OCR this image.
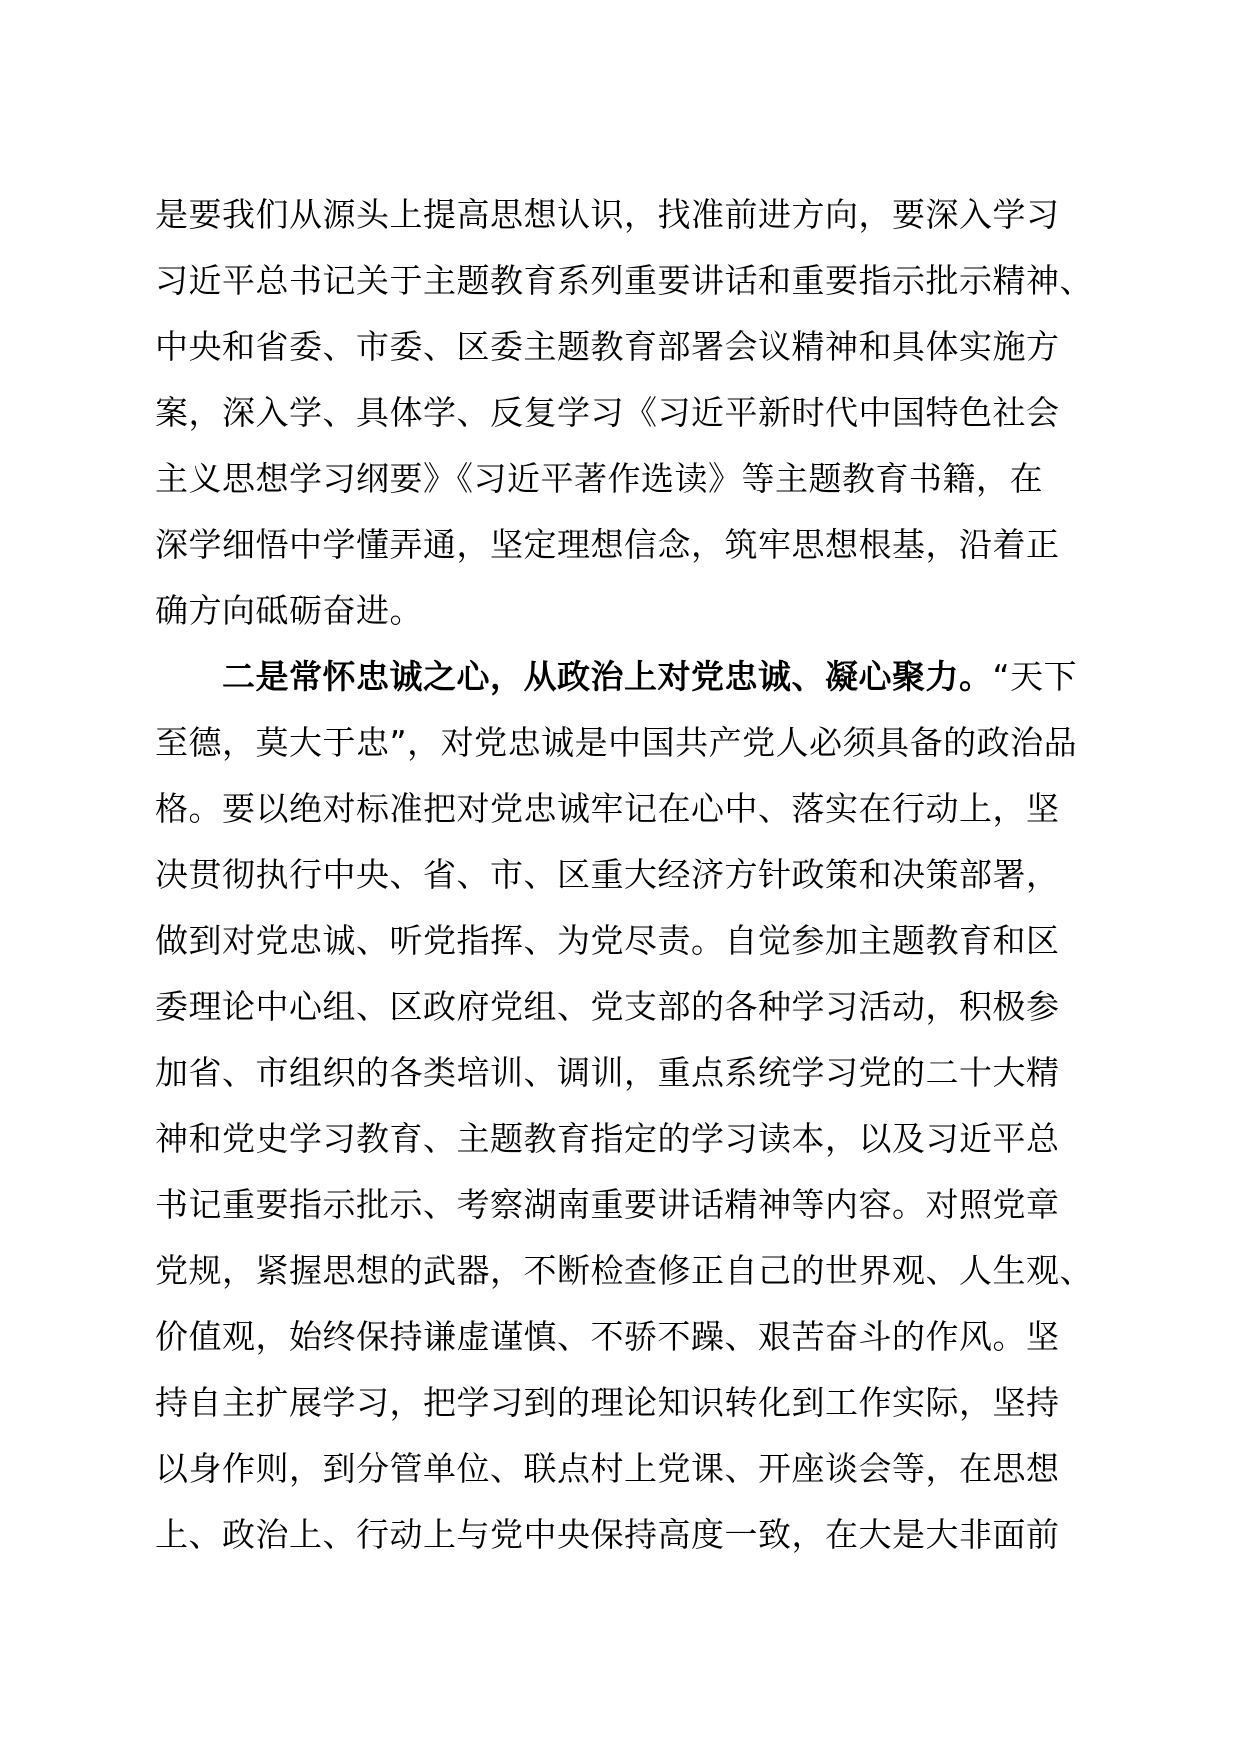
是要我们从源头上提高思想认识，找准前进方向，要深入学习
习近平总书记关于主题教育系列重要讲话和重要指示批示精神、
中央和省委、市委、区委主题教育部署会议精神和具体实施方
案，深入学、具体学、反复学习《习近平新时代中国特色社会
主义思想学习纲要》《习近平著作选读》等主题教育书籍，在
深学细悟中学懂弄通，坚定理想信念，筑牢思想根基，沿着正
确方向砥砺奋进。
二是常怀忠诚之心，从政治上对党忠诚、凝心聚力。“天下
至德，莫大于忠”，对党忠诚是中国共产党人必须具备的政治品
格。要以绝对标准把对党忠诚牢记在心中、落实在行动上，坚
决贯彻执行中央、省、市、区重大经济方针政策和决策部署，
做到对党忠诚、听党指挥、为党尽责。自觉参加主题教育和区
委理论中心组、区政府党组、党支部的各种学习活动，积极参
加省、市组织的各类培训、调训，重点系统学习党的二十大精
神和党史学习教育、主题教育指定的学习读本，以及习近平总
书记重要指示批示、考察湖南重要讲话精神等内容。对照党章
党规，紧握思想的武器，不断检查修正自己的世界观、人生观、
价值观，始终保持谦虚谨慎、不骄不躁、艰苦奋斗的作风。坚
持自主扩展学习，把学习到的理论知识转化到工作实际，坚持
以身作则，到分管单位、联点村上党课、开座谈会等，在思想
上、政治上、行动上与党中央保持高度一致，在大是大非面前
